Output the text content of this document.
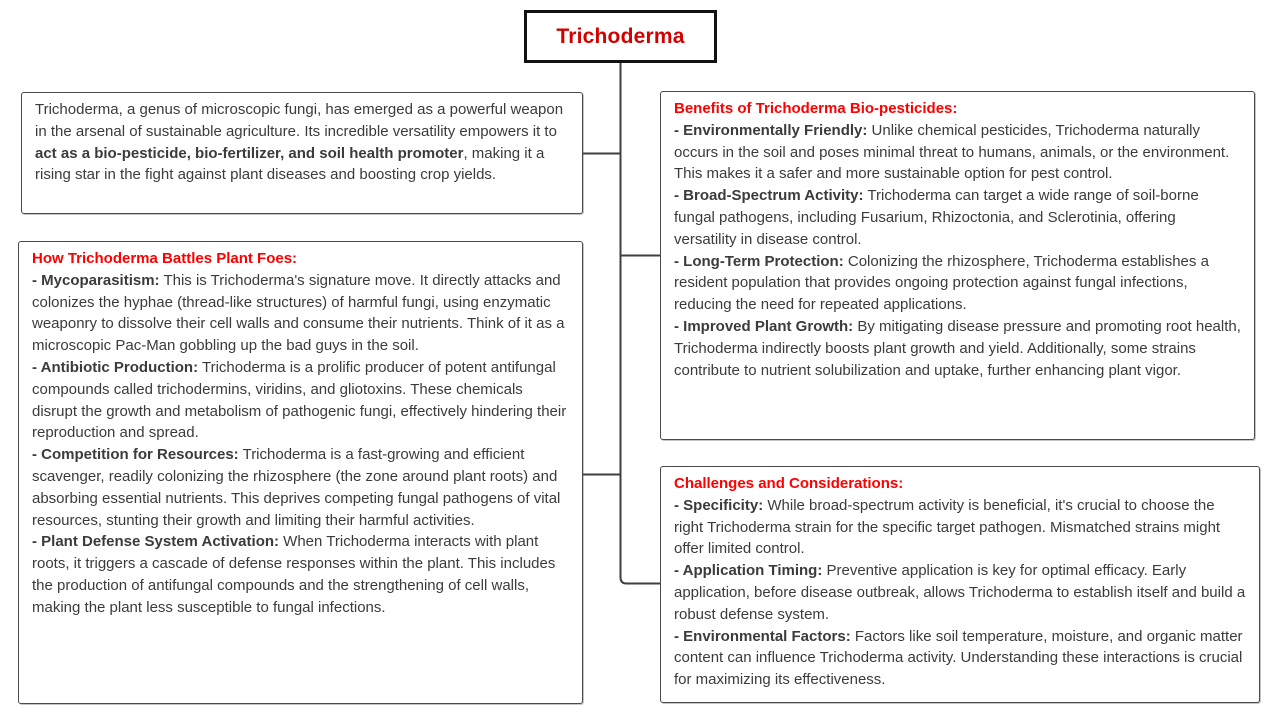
Trichoderma

Trichoderma, a genus of microscopic fungi, has emerged as a powerful weapon in the arsenal of sustainable agriculture. Its incredible versatility empowers it to act as a bio-pesticide, bio-fertilizer, and soil health promoter, making it a rising star in the fight against plant diseases and boosting crop yields.

How Trichoderma Battles Plant Foes:

- Mycoparasitism: This is Trichoderma's signature move. It directly attacks and colonizes the hyphae (thread-like structures) of harmful fungi, using enzymatic weaponry to dissolve their cell walls and consume their nutrients. Think of it as a microscopic Pac-Man gobbling up the bad guys in the soil.

- Antibiotic Production: Trichoderma is a prolific producer of potent antifungal compounds called trichodermins, viridins, and gliotoxins. These chemicals disrupt the growth and metabolism of pathogenic fungi, effectively hindering their reproduction and spread.

- Competition for Resources: Trichoderma is a fast-growing and efficient scavenger, readily colonizing the rhizosphere (the zone around plant roots) and absorbing essential nutrients. This deprives competing fungal pathogens of vital resources, stunting their growth and limiting their harmful activities.

- Plant Defense System Activation: When Trichoderma interacts with plant roots, it triggers a cascade of defense responses within the plant. This includes the production of antifungal compounds and the strengthening of cell walls, making the plant less susceptible to fungal infections.

Benefits of Trichoderma Bio-pesticides:

- Environmentally Friendly: Unlike chemical pesticides, Trichoderma naturally occurs in the soil and poses minimal threat to humans, animals, or the environment. This makes it a safer and more sustainable option for pest control.

- Broad-Spectrum Activity: Trichoderma can target a wide range of soil-borne fungal pathogens, including Fusarium, Rhizoctonia, and Sclerotinia, offering versatility in disease control.

- Long-Term Protection: Colonizing the rhizosphere, Trichoderma establishes a resident population that provides ongoing protection against fungal infections, reducing the need for repeated applications.

- Improved Plant Growth: By mitigating disease pressure and promoting root health, Trichoderma indirectly boosts plant growth and yield. Additionally, some strains contribute to nutrient solubilization and uptake, further enhancing plant vigor.

Challenges and Considerations:

- Specificity: While broad-spectrum activity is beneficial, it's crucial to choose the right Trichoderma strain for the specific target pathogen. Mismatched strains might offer limited control.

- Application Timing: Preventive application is key for optimal efficacy. Early application, before disease outbreak, allows Trichoderma to establish itself and build a robust defense system.

- Environmental Factors: Factors like soil temperature, moisture, and organic matter content can influence Trichoderma activity. Understanding these interactions is crucial for maximizing its effectiveness.
